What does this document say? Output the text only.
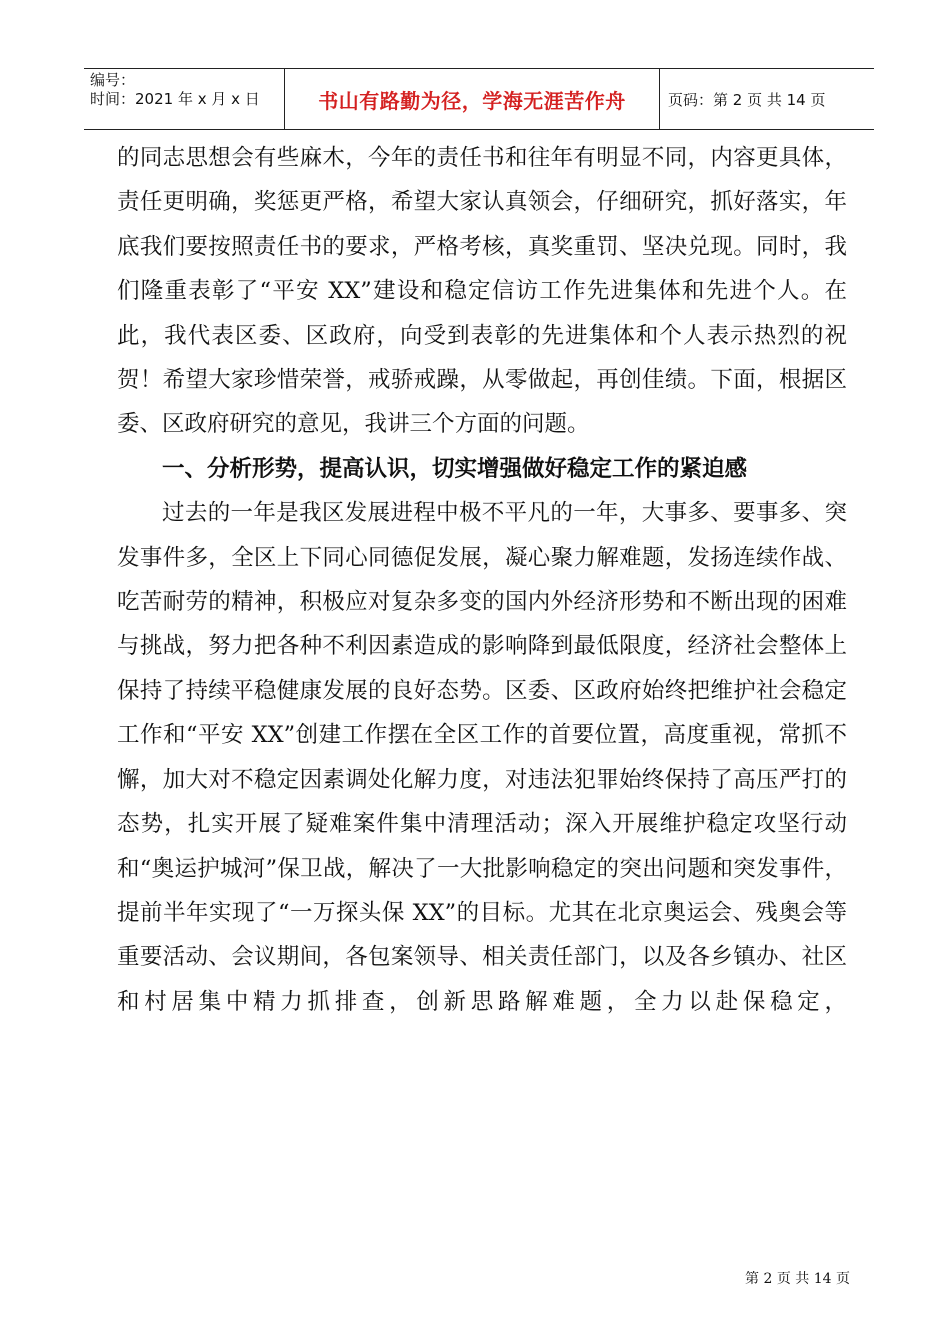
编号：
时间：2021 年 x 月 x 日	书山有路勤为径，学海无涯苦作舟	页码：第 2 页 共 14 页

的同志思想会有些麻木，今年的责任书和往年有明显不同，内容更具体，责任更明确，奖惩更严格，希望大家认真领会，仔细研究，抓好落实，年底我们要按照责任书的要求，严格考核，真奖重罚、坚决兑现。同时，我们隆重表彰了“平安 XX”建设和稳定信访工作先进集体和先进个人。在此，我代表区委、区政府，向受到表彰的先进集体和个人表示热烈的祝贺！希望大家珍惜荣誉，戒骄戒躁，从零做起，再创佳绩。下面，根据区委、区政府研究的意见，我讲三个方面的问题。

一、分析形势，提高认识，切实增强做好稳定工作的紧迫感

过去的一年是我区发展进程中极不平凡的一年，大事多、要事多、突发事件多，全区上下同心同德促发展，凝心聚力解难题，发扬连续作战、吃苦耐劳的精神，积极应对复杂多变的国内外经济形势和不断出现的困难与挑战，努力把各种不利因素造成的影响降到最低限度，经济社会整体上保持了持续平稳健康发展的良好态势。区委、区政府始终把维护社会稳定工作和“平安 XX”创建工作摆在全区工作的首要位置，高度重视，常抓不懈，加大对不稳定因素调处化解力度，对违法犯罪始终保持了高压严打的态势，扎实开展了疑难案件集中清理活动；深入开展维护稳定攻坚行动和“奥运护城河”保卫战，解决了一大批影响稳定的突出问题和突发事件，提前半年实现了“一万探头保 XX”的目标。尤其在北京奥运会、残奥会等重要活动、会议期间，各包案领导、相关责任部门，以及各乡镇办、社区和村居集中精力抓排查，创新思路解难题，全力以赴保稳定，

第 2 页 共 14 页
